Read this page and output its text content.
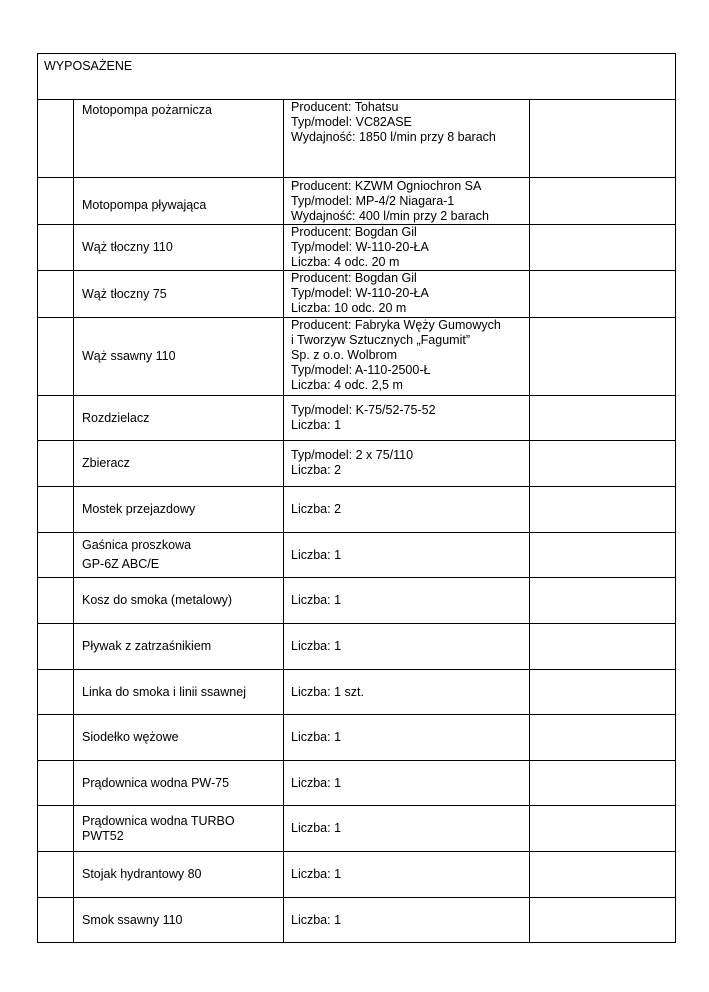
WYPOSAŻENE			

	Motopompa pożarnicza	Producent: Tohatsu
Typ/model: VC82ASE
Wydajność: 1850 l/min przy 8 barach	

	Motopompa pływająca	Producent: KZWM Ogniochron SA
Typ/model: MP-4/2 Niagara-1
Wydajność: 400 l/min przy 2 barach	

	Wąż tłoczny 110	Producent: Bogdan Gil
Typ/model: W-110-20-ŁA
Liczba: 4 odc. 20 m	

	Wąż tłoczny 75	Producent: Bogdan Gil
Typ/model: W-110-20-ŁA
Liczba: 10 odc. 20 m	

	Wąż ssawny 110	Producent: Fabryka Węży Gumowych
i Tworzyw Sztucznych „Fagumit”
Sp. z o.o. Wolbrom
Typ/model: A-110-2500-Ł
Liczba: 4 odc. 2,5 m	

	Rozdzielacz	Typ/model: K-75/52-75-52
Liczba: 1	

	Zbieracz	Typ/model: 2 x 75/110
Liczba: 2	

	Mostek przejazdowy	Liczba: 2	

	Gaśnica proszkowa
GP-6Z ABC/E	Liczba: 1	

	Kosz do smoka (metalowy)	Liczba: 1	

	Pływak z zatrzaśnikiem	Liczba: 1	

	Linka do smoka i linii ssawnej	Liczba: 1 szt.	

	Siodełko wężowe	Liczba: 1	

	Prądownica wodna PW-75	Liczba: 1	

	Prądownica wodna TURBO
PWT52	Liczba: 1	

	Stojak hydrantowy 80	Liczba: 1	

	Smok ssawny 110	Liczba: 1	
